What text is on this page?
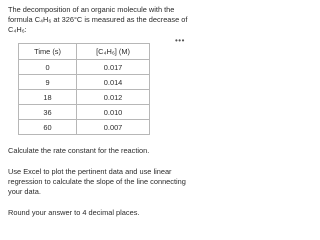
The decomposition of an organic molecule with the formula C₄H₆ at 326°C is measured as the decrease of C₄H₆:

Time (s)	[C₄H₆] (M)
0	0.017
9	0.014
18	0.012
36	0.010
60	0.007

Calculate the rate constant for the reaction.

Use Excel to plot the pertinent data and use linear regression to calculate the slope of the line connecting your data.

Round your answer to 4 decimal places.

•••
